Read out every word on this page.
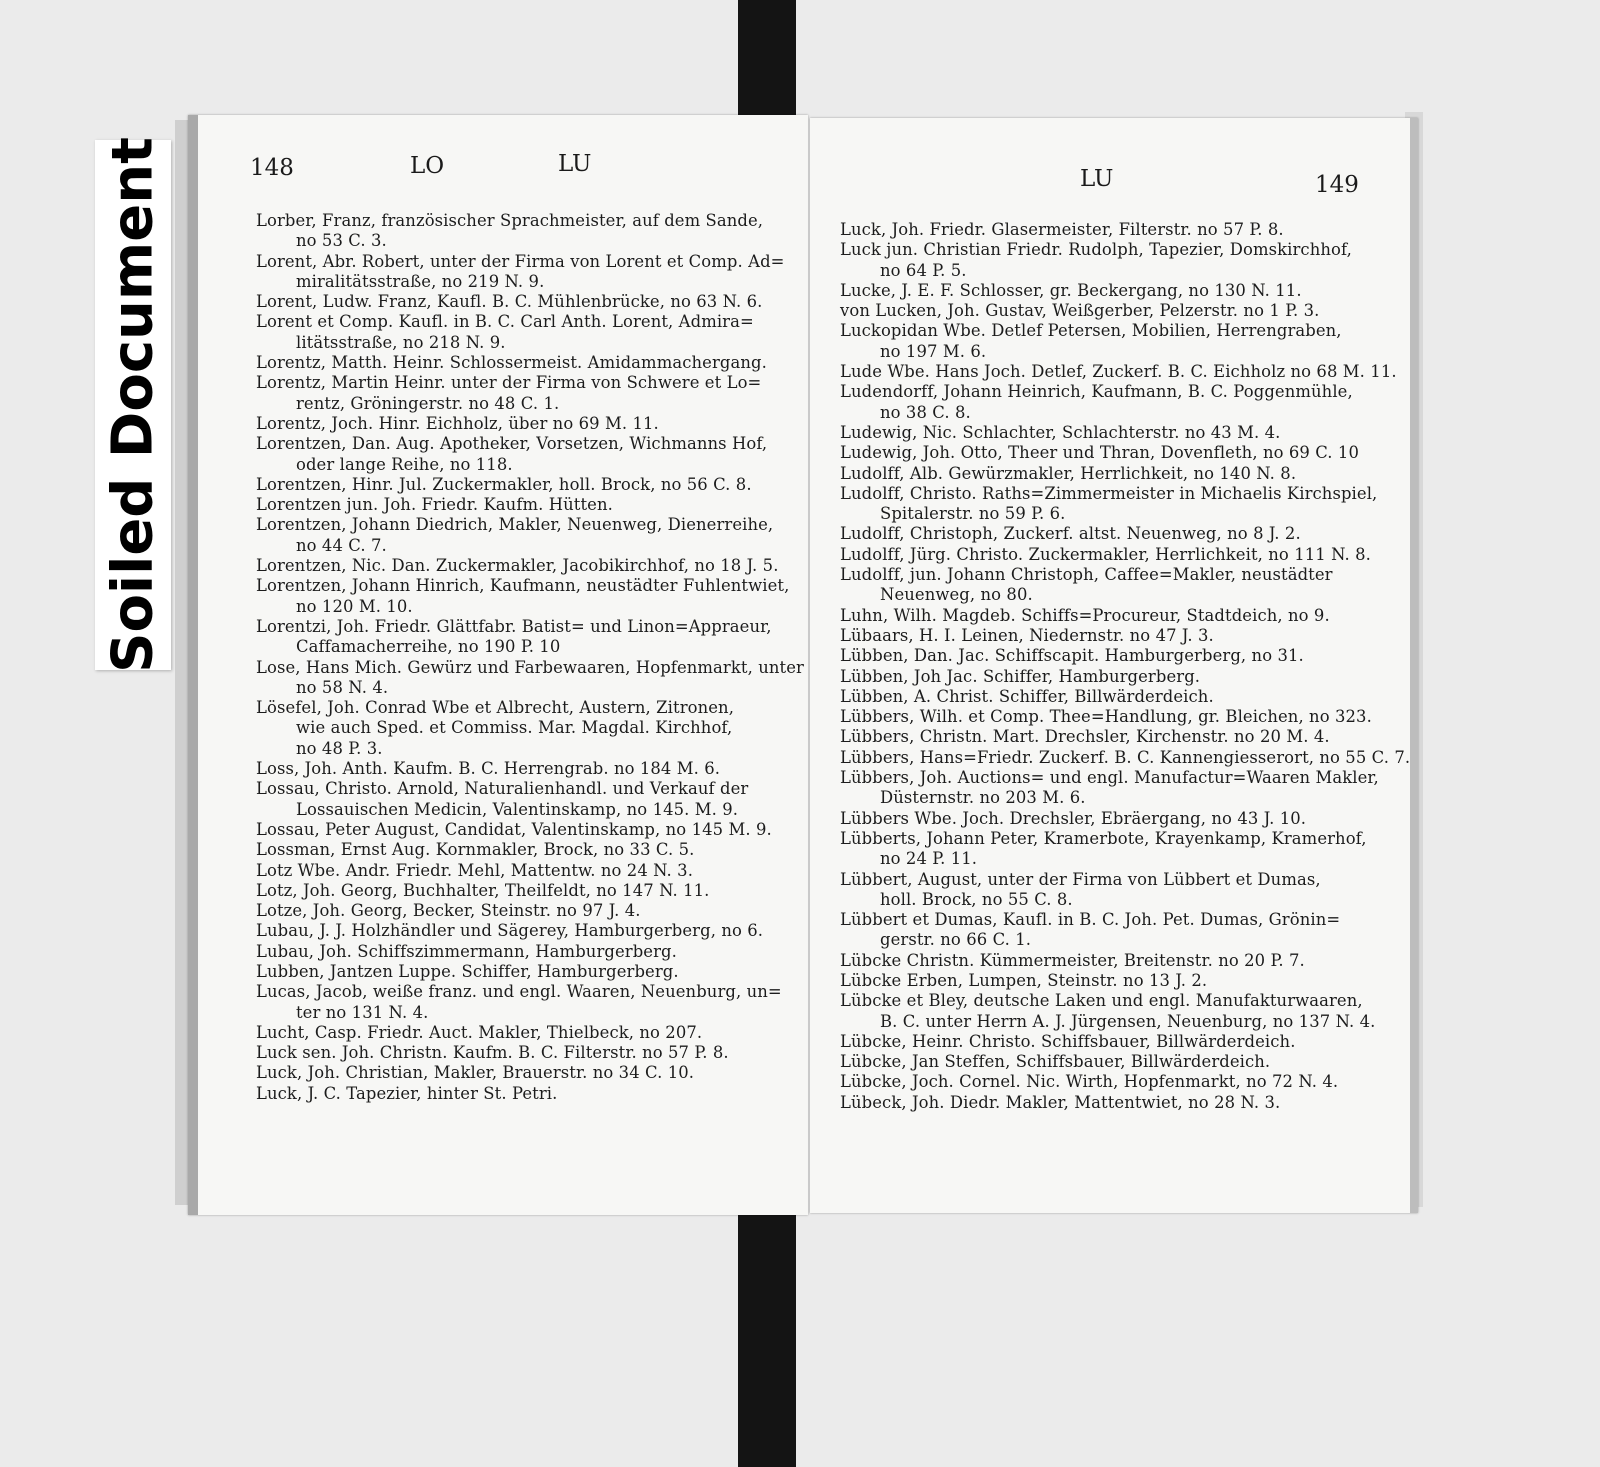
148	LO	LU
Lorber, Franz, französischer Sprachmeister, auf dem Sande,
no 53 C. 3.
Lorent, Abr. Robert, unter der Firma von Lorent et Comp. Ad=
miralitätsstraße, no 219 N. 9.
Lorent, Ludw. Franz, Kaufl. B. C. Mühlenbrücke, no 63 N. 6.
Lorent et Comp. Kaufl. in B. C. Carl Anth. Lorent, Admira=
litätsstraße, no 218 N. 9.
Lorentz, Matth. Heinr. Schlossermeist. Amidammachergang.
Lorentz, Martin Heinr. unter der Firma von Schwere et Lo=
rentz, Gröningerstr. no 48 C. 1.
Lorentz, Joch. Hinr. Eichholz, über no 69 M. 11.
Lorentzen, Dan. Aug. Apotheker, Vorsetzen, Wichmanns Hof,
oder lange Reihe, no 118.
Lorentzen, Hinr. Jul. Zuckermakler, holl. Brock, no 56 C. 8.
Lorentzen jun. Joh. Friedr. Kaufm. Hütten.
Lorentzen, Johann Diedrich, Makler, Neuenweg, Dienerreihe,
no 44 C. 7.
Lorentzen, Nic. Dan. Zuckermakler, Jacobikirchhof, no 18 J. 5.
Lorentzen, Johann Hinrich, Kaufmann, neustädter Fuhlentwiet,
no 120 M. 10.
Lorentzi, Joh. Friedr. Glättfabr. Batist= und Linon=Appraeur,
Caffamacherreihe, no 190 P. 10
Lose, Hans Mich. Gewürz und Farbewaaren, Hopfenmarkt, unter
no 58 N. 4.
Lösefel, Joh. Conrad Wbe et Albrecht, Austern, Zitronen,
wie auch Sped. et Commiss. Mar. Magdal. Kirchhof,
no 48 P. 3.
Loss, Joh. Anth. Kaufm. B. C. Herrengrab. no 184 M. 6.
Lossau, Christo. Arnold, Naturalienhandl. und Verkauf der
Lossauischen Medicin, Valentinskamp, no 145. M. 9.
Lossau, Peter August, Candidat, Valentinskamp, no 145 M. 9.
Lossman, Ernst Aug. Kornmakler, Brock, no 33 C. 5.
Lotz Wbe. Andr. Friedr. Mehl, Mattentw. no 24 N. 3.
Lotz, Joh. Georg, Buchhalter, Theilfeldt, no 147 N. 11.
Lotze, Joh. Georg, Becker, Steinstr. no 97 J. 4.
Lubau, J. J. Holzhändler und Sägerey, Hamburgerberg, no 6.
Lubau, Joh. Schiffszimmermann, Hamburgerberg.
Lubben, Jantzen Luppe. Schiffer, Hamburgerberg.
Lucas, Jacob, weiße franz. und engl. Waaren, Neuenburg, un=
ter no 131 N. 4.
Lucht, Casp. Friedr. Auct. Makler, Thielbeck, no 207.
Luck sen. Joh. Christn. Kaufm. B. C. Filterstr. no 57 P. 8.
Luck, Joh. Christian, Makler, Brauerstr. no 34 C. 10.
Luck, J. C. Tapezier, hinter St. Petri.
LU	149
Luck, Joh. Friedr. Glasermeister, Filterstr. no 57 P. 8.
Luck jun. Christian Friedr. Rudolph, Tapezier, Domskirchhof,
no 64 P. 5.
Lucke, J. E. F. Schlosser, gr. Beckergang, no 130 N. 11.
von Lucken, Joh. Gustav, Weißgerber, Pelzerstr. no 1 P. 3.
Luckopidan Wbe. Detlef Petersen, Mobilien, Herrengraben,
no 197 M. 6.
Lude Wbe. Hans Joch. Detlef, Zuckerf. B. C. Eichholz no 68 M. 11.
Ludendorff, Johann Heinrich, Kaufmann, B. C. Poggenmühle,
no 38 C. 8.
Ludewig, Nic. Schlachter, Schlachterstr. no 43 M. 4.
Ludewig, Joh. Otto, Theer und Thran, Dovenfleth, no 69 C. 10
Ludolff, Alb. Gewürzmakler, Herrlichkeit, no 140 N. 8.
Ludolff, Christo. Raths=Zimmermeister in Michaelis Kirchspiel,
Spitalerstr. no 59 P. 6.
Ludolff, Christoph, Zuckerf. altst. Neuenweg, no 8 J. 2.
Ludolff, Jürg. Christo. Zuckermakler, Herrlichkeit, no 111 N. 8.
Ludolff, jun. Johann Christoph, Caffee=Makler, neustädter
Neuenweg, no 80.
Luhn, Wilh. Magdeb. Schiffs=Procureur, Stadtdeich, no 9.
Lübaars, H. I. Leinen, Niedernstr. no 47 J. 3.
Lübben, Dan. Jac. Schiffscapit. Hamburgerberg, no 31.
Lübben, Joh Jac. Schiffer, Hamburgerberg.
Lübben, A. Christ. Schiffer, Billwärderdeich.
Lübbers, Wilh. et Comp. Thee=Handlung, gr. Bleichen, no 323.
Lübbers, Christn. Mart. Drechsler, Kirchenstr. no 20 M. 4.
Lübbers, Hans=Friedr. Zuckerf. B. C. Kannengiesserort, no 55 C. 7.
Lübbers, Joh. Auctions= und engl. Manufactur=Waaren Makler,
Düsternstr. no 203 M. 6.
Lübbers Wbe. Joch. Drechsler, Ebräergang, no 43 J. 10.
Lübberts, Johann Peter, Kramerbote, Krayenkamp, Kramerhof,
no 24 P. 11.
Lübbert, August, unter der Firma von Lübbert et Dumas,
holl. Brock, no 55 C. 8.
Lübbert et Dumas, Kaufl. in B. C. Joh. Pet. Dumas, Grönin=
gerstr. no 66 C. 1.
Lübcke Christn. Kümmermeister, Breitenstr. no 20 P. 7.
Lübcke Erben, Lumpen, Steinstr. no 13 J. 2.
Lübcke et Bley, deutsche Laken und engl. Manufakturwaaren,
B. C. unter Herrn A. J. Jürgensen, Neuenburg, no 137 N. 4.
Lübcke, Heinr. Christo. Schiffsbauer, Billwärderdeich.
Lübcke, Jan Steffen, Schiffsbauer, Billwärderdeich.
Lübcke, Joch. Cornel. Nic. Wirth, Hopfenmarkt, no 72 N. 4.
Lübeck, Joh. Diedr. Makler, Mattentwiet, no 28 N. 3.
Soiled Document
